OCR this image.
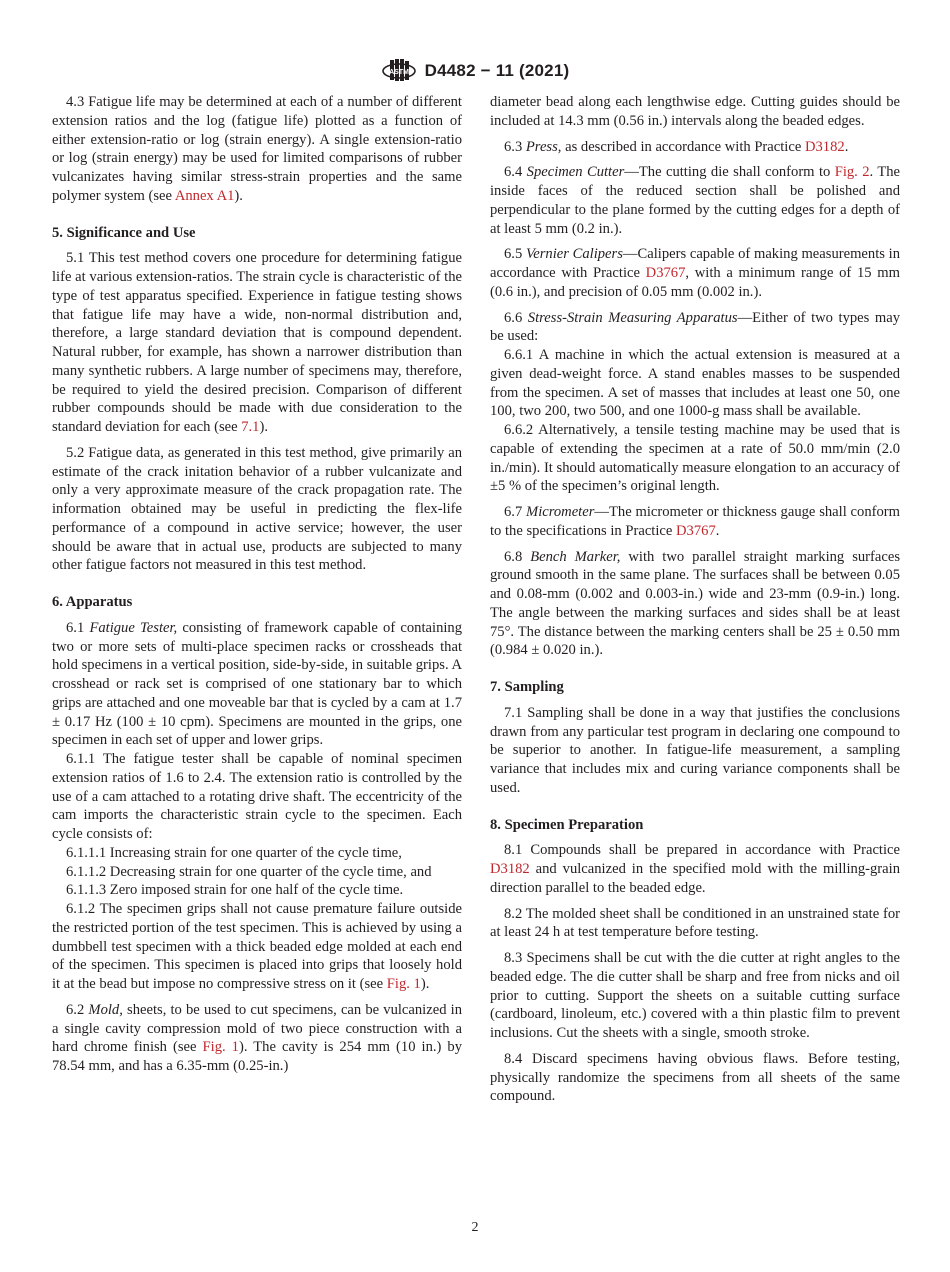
ASTM D4482 − 11 (2021)

4.3 Fatigue life may be determined at each of a number of different extension ratios and the log (fatigue life) plotted as a function of either extension-ratio or log (strain energy). A single extension-ratio or log (strain energy) may be used for limited comparisons of rubber vulcanizates having similar stress-strain properties and the same polymer system (see Annex A1).

5. Significance and Use

5.1 This test method covers one procedure for determining fatigue life at various extension-ratios. The strain cycle is characteristic of the type of test apparatus specified. Experience in fatigue testing shows that fatigue life may have a wide, non-normal distribution and, therefore, a large standard deviation that is compound dependent. Natural rubber, for example, has shown a narrower distribution than many synthetic rubbers. A large number of specimens may, therefore, be required to yield the desired precision. Comparison of different rubber compounds should be made with due consideration to the standard deviation for each (see 7.1).

5.2 Fatigue data, as generated in this test method, give primarily an estimate of the crack initation behavior of a rubber vulcanizate and only a very approximate measure of the crack propagation rate. The information obtained may be useful in predicting the flex-life performance of a compound in active service; however, the user should be aware that in actual use, products are subjected to many other fatigue factors not measured in this test method.

6. Apparatus

6.1 Fatigue Tester, consisting of framework capable of containing two or more sets of multi-place specimen racks or crossheads that hold specimens in a vertical position, side-by-side, in suitable grips. A crosshead or rack set is comprised of one stationary bar to which grips are attached and one moveable bar that is cycled by a cam at 1.7 ± 0.17 Hz (100 ± 10 cpm). Specimens are mounted in the grips, one specimen in each set of upper and lower grips.

6.1.1 The fatigue tester shall be capable of nominal specimen extension ratios of 1.6 to 2.4. The extension ratio is controlled by the use of a cam attached to a rotating drive shaft. The eccentricity of the cam imports the characteristic strain cycle to the specimen. Each cycle consists of:

6.1.1.1 Increasing strain for one quarter of the cycle time,

6.1.1.2 Decreasing strain for one quarter of the cycle time, and

6.1.1.3 Zero imposed strain for one half of the cycle time.

6.1.2 The specimen grips shall not cause premature failure outside the restricted portion of the test specimen. This is achieved by using a dumbbell test specimen with a thick beaded edge molded at each end of the specimen. This specimen is placed into grips that loosely hold it at the bead but impose no compressive stress on it (see Fig. 1).

6.2 Mold, sheets, to be used to cut specimens, can be vulcanized in a single cavity compression mold of two piece construction with a hard chrome finish (see Fig. 1). The cavity is 254 mm (10 in.) by 78.54 mm, and has a 6.35-mm (0.25-in.)

diameter bead along each lengthwise edge. Cutting guides should be included at 14.3 mm (0.56 in.) intervals along the beaded edges.

6.3 Press, as described in accordance with Practice D3182.

6.4 Specimen Cutter—The cutting die shall conform to Fig. 2. The inside faces of the reduced section shall be polished and perpendicular to the plane formed by the cutting edges for a depth of at least 5 mm (0.2 in.).

6.5 Vernier Calipers—Calipers capable of making measurements in accordance with Practice D3767, with a minimum range of 15 mm (0.6 in.), and precision of 0.05 mm (0.002 in.).

6.6 Stress-Strain Measuring Apparatus—Either of two types may be used:

6.6.1 A machine in which the actual extension is measured at a given dead-weight force. A stand enables masses to be suspended from the specimen. A set of masses that includes at least one 50, one 100, two 200, two 500, and one 1000-g mass shall be available.

6.6.2 Alternatively, a tensile testing machine may be used that is capable of extending the specimen at a rate of 50.0 mm/min (2.0 in./min). It should automatically measure elongation to an accuracy of ±5 % of the specimen’s original length.

6.7 Micrometer—The micrometer or thickness gauge shall conform to the specifications in Practice D3767.

6.8 Bench Marker, with two parallel straight marking surfaces ground smooth in the same plane. The surfaces shall be between 0.05 and 0.08-mm (0.002 and 0.003-in.) wide and 23-mm (0.9-in.) long. The angle between the marking surfaces and sides shall be at least 75°. The distance between the marking centers shall be 25 ± 0.50 mm (0.984 ± 0.020 in.).

7. Sampling

7.1 Sampling shall be done in a way that justifies the conclusions drawn from any particular test program in declaring one compound to be superior to another. In fatigue-life measurement, a sampling variance that includes mix and curing variance components shall be used.

8. Specimen Preparation

8.1 Compounds shall be prepared in accordance with Practice D3182 and vulcanized in the specified mold with the milling-grain direction parallel to the beaded edge.

8.2 The molded sheet shall be conditioned in an unstrained state for at least 24 h at test temperature before testing.

8.3 Specimens shall be cut with the die cutter at right angles to the beaded edge. The die cutter shall be sharp and free from nicks and oil prior to cutting. Support the sheets on a suitable cutting surface (cardboard, linoleum, etc.) covered with a thin plastic film to prevent inclusions. Cut the sheets with a single, smooth stroke.

8.4 Discard specimens having obvious flaws. Before testing, physically randomize the specimens from all sheets of the same compound.

2
